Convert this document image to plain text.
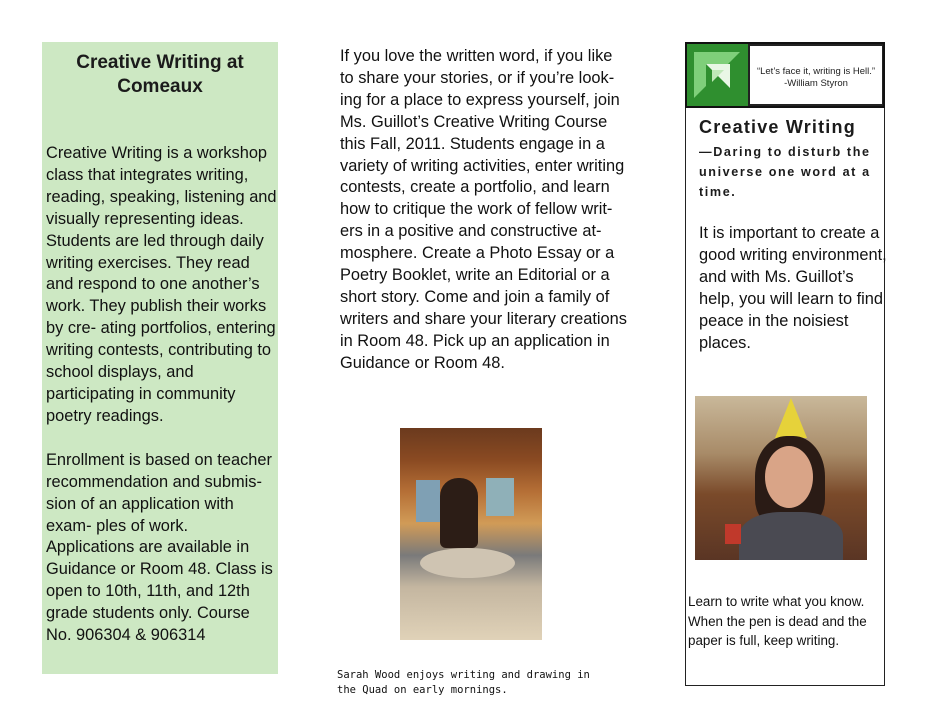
Creative Writing at
Comeaux

Creative Writing is a workshop class that integrates writing, reading, speaking, listening and visually representing ideas. Students are led through daily writing exercises. They read and respond to one another’s work. They publish their works by cre- ating portfolios, entering writing contests, contributing to school displays, and participating in community poetry readings.

Enrollment is based on teacher recommendation and submis- sion of an application with exam- ples of work. Applications are available in Guidance or Room 48. Class is open to 10th, 11th, and 12th grade students only. Course No. 906304 & 906314

If you love the written word, if you like to share your stories, or if you’re look- ing for a place to express yourself, join Ms. Guillot’s Creative Writing Course this Fall, 2011. Students engage in a variety of writing activities, enter writing contests, create a portfolio, and learn how to critique the work of fellow writ- ers in a positive and constructive at- mosphere. Create a Photo Essay or a Poetry Booklet, write an Editorial or a short story. Come and join a family of writers and share your literary creations in Room 48. Pick up an application in Guidance or Room 48.
Sarah Wood enjoys writing and drawing in the Quad on early mornings.
“Let’s face it, writing is Hell.”
-William Styron
Creative Writing
—Daring to disturb the universe one word at a time.
It is important to create a good writing environment, and with Ms. Guillot’s help, you will learn to find peace in the noisiest places.
Learn to write what you know. When the pen is dead and the paper is full, keep writing.
